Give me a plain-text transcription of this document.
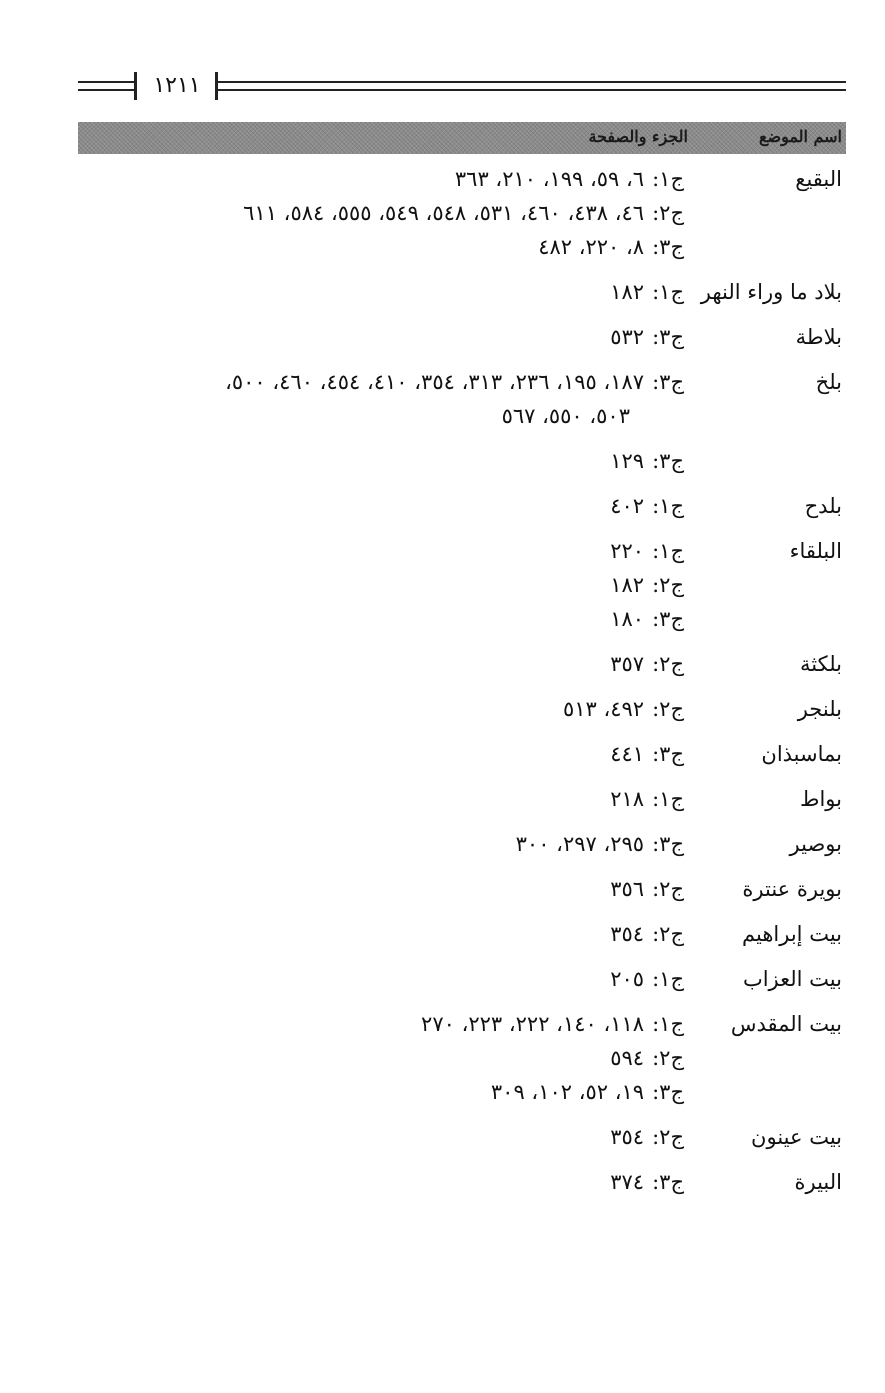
١٢١١
اسم الموضع
الجزء والصفحة
البقيع
ج١:٦، ٥٩، ١٩٩، ٢١٠، ٣٦٣
ج٢:٤٦، ٤٣٨، ٤٦٠، ٥٣١، ٥٤٨، ٥٤٩، ٥٥٥، ٥٨٤، ٦١١
ج٣:٨، ٢٢٠، ٤٨٢
بلاد ما وراء النهر
ج١:١٨٢
بلاطة
ج٣:٥٣٢
بلخ
ج٣:١٨٧، ١٩٥، ٢٣٦، ٣١٣، ٣٥٤، ٤١٠، ٤٥٤، ٤٦٠، ٥٠٠،
٥٠٣، ٥٥٠، ٥٦٧
ج٣:١٢٩
بلدح
ج١:٤٠٢
البلقاء
ج١:٢٢٠
ج٢:١٨٢
ج٣:١٨٠
بلكثة
ج٢:٣٥٧
بلنجر
ج٢:٤٩٢، ٥١٣
بماسبذان
ج٣:٤٤١
بواط
ج١:٢١٨
بوصير
ج٣:٢٩٥، ٢٩٧، ٣٠٠
بويرة عنترة
ج٢:٣٥٦
بيت إبراهيم
ج٢:٣٥٤
بيت العزاب
ج١:٢٠٥
بيت المقدس
ج١:١١٨، ١٤٠، ٢٢٢، ٢٢٣، ٢٧٠
ج٢:٥٩٤
ج٣:١٩، ٥٢، ١٠٢، ٣٠٩
بيت عينون
ج٢:٣٥٤
البيرة
ج٣:٣٧٤
